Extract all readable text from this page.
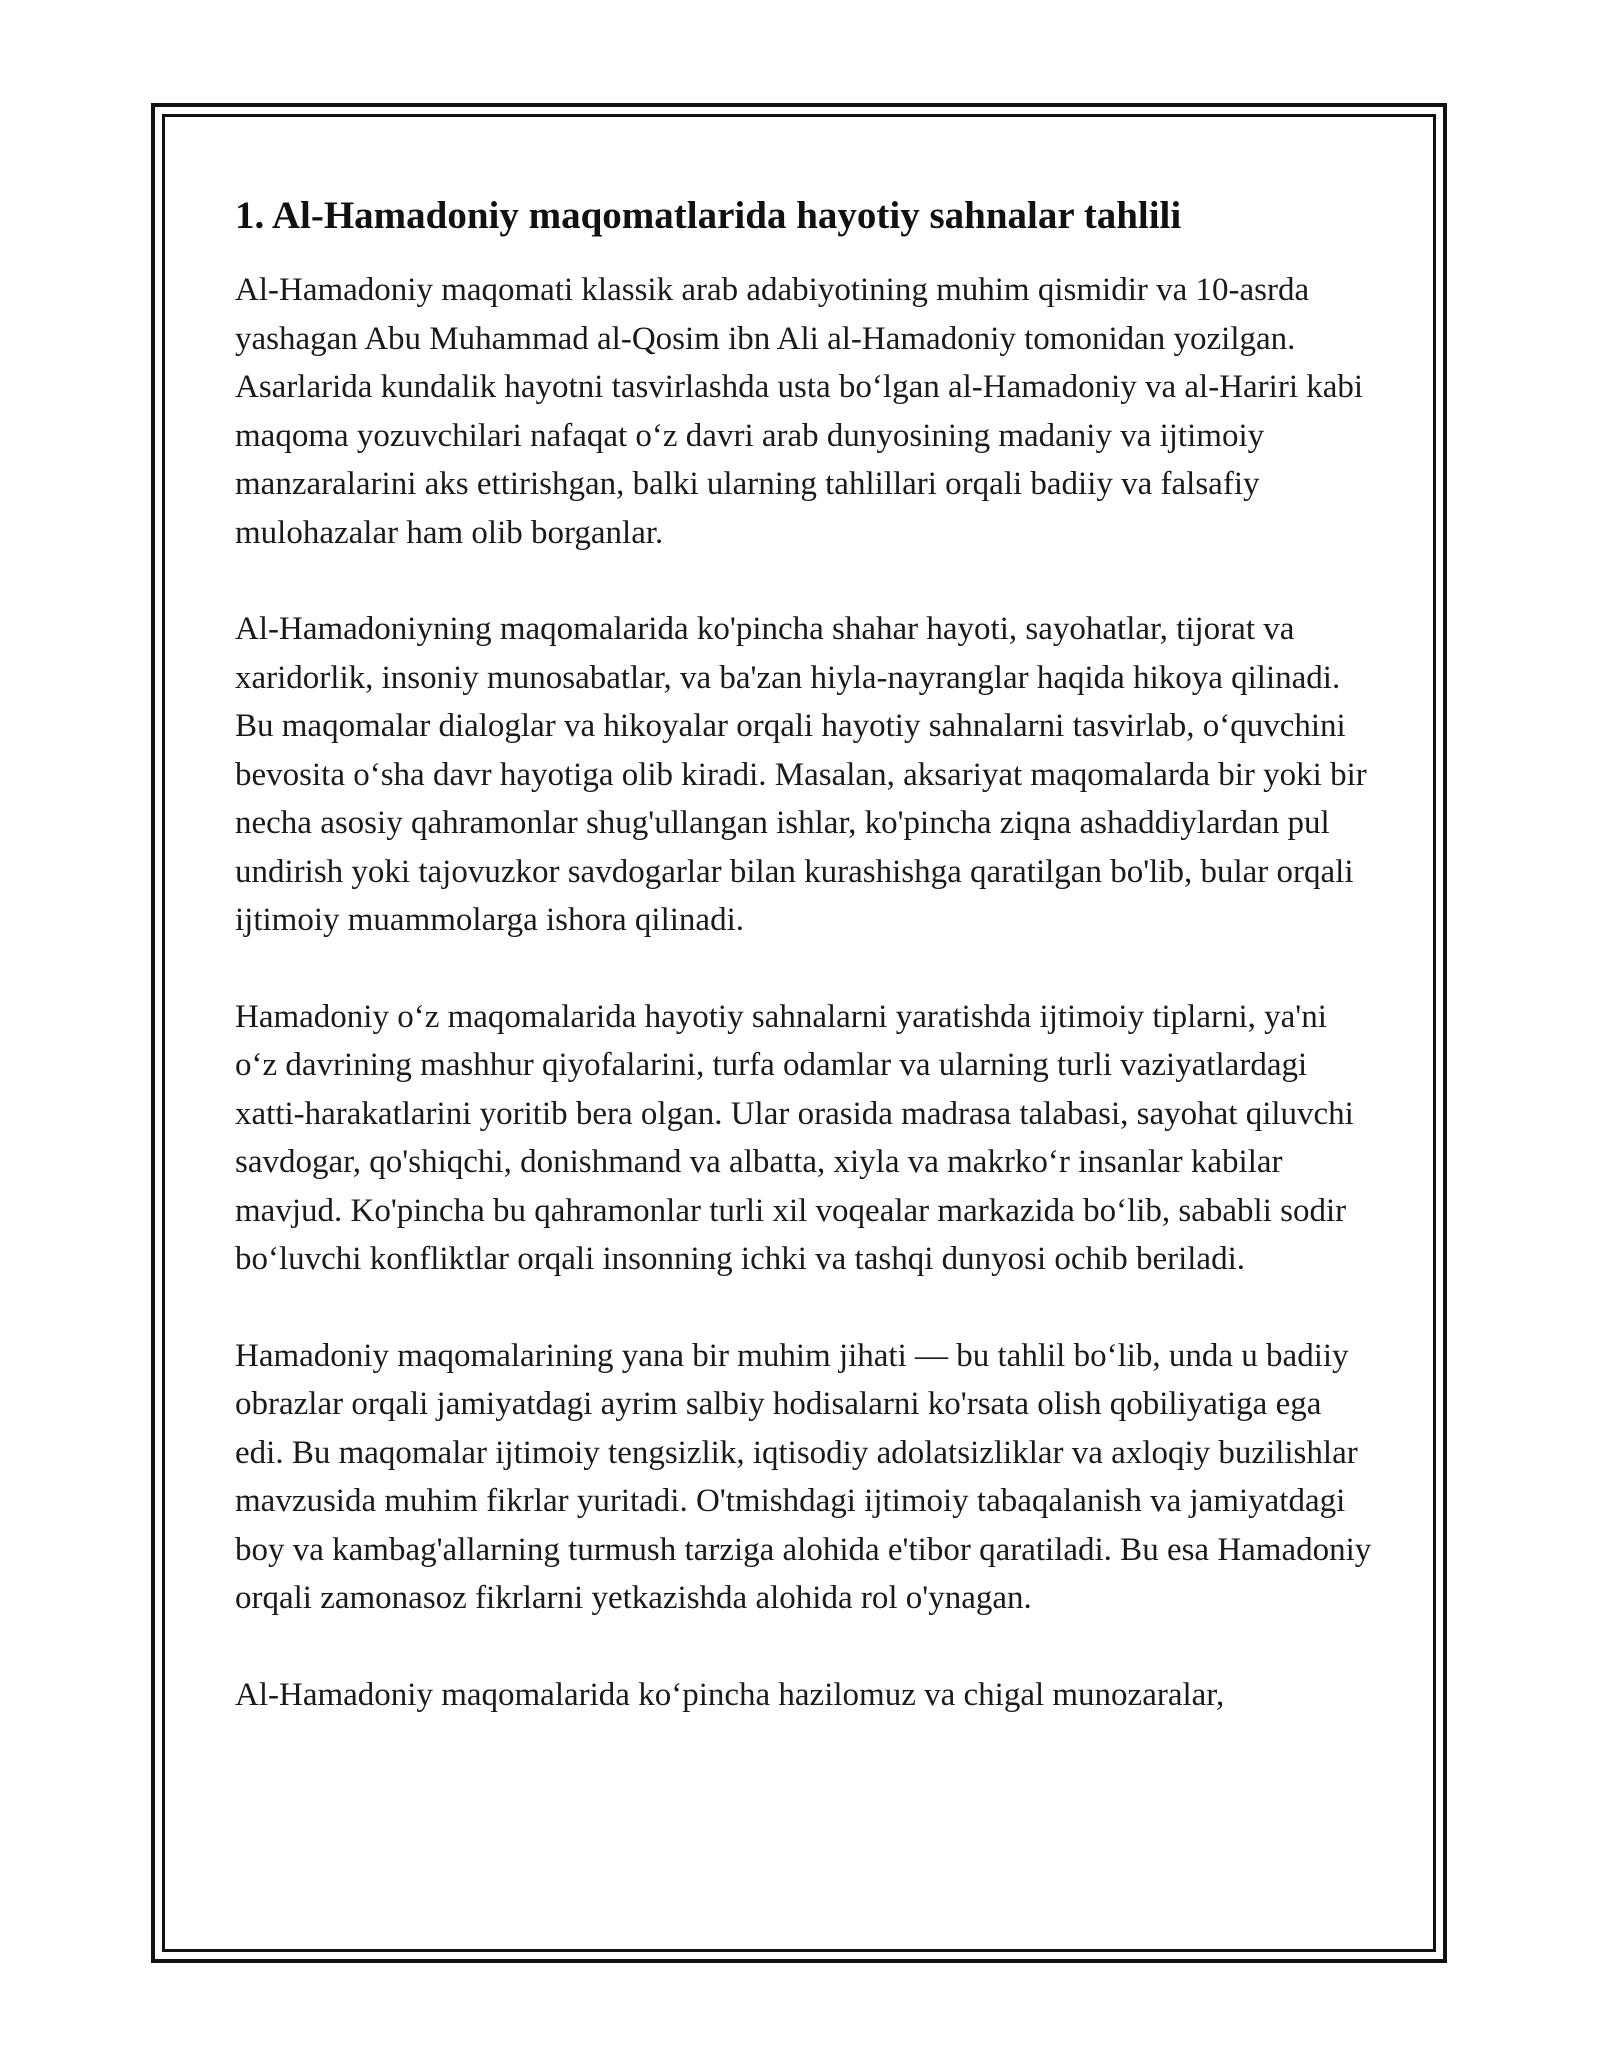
1. Al-Hamadoniy maqomatlarida hayotiy sahnalar tahlili

Al-Hamadoniy maqomati klassik arab adabiyotining muhim qismidir va 10-asrda yashagan Abu Muhammad al-Qosim ibn Ali al-Hamadoniy tomonidan yozilgan. Asarlarida kundalik hayotni tasvirlashda usta bo‘lgan al-Hamadoniy va al-Hariri kabi maqoma yozuvchilari nafaqat o‘z davri arab dunyosining madaniy va ijtimoiy manzaralarini aks ettirishgan, balki ularning tahlillari orqali badiiy va falsafiy mulohazalar ham olib borganlar.

Al-Hamadoniyning maqomalarida ko'pincha shahar hayoti, sayohatlar, tijorat va xaridorlik, insoniy munosabatlar, va ba'zan hiyla-nayranglar haqida hikoya qilinadi. Bu maqomalar dialoglar va hikoyalar orqali hayotiy sahnalarni tasvirlab, o‘quvchini bevosita o‘sha davr hayotiga olib kiradi. Masalan, aksariyat maqomalarda bir yoki bir necha asosiy qahramonlar shug'ullangan ishlar, ko'pincha ziqna ashaddiylardan pul undirish yoki tajovuzkor savdogarlar bilan kurashishga qaratilgan bo'lib, bular orqali ijtimoiy muammolarga ishora qilinadi.

Hamadoniy o‘z maqomalarida hayotiy sahnalarni yaratishda ijtimoiy tiplarni, ya'ni o‘z davrining mashhur qiyofalarini, turfa odamlar va ularning turli vaziyatlardagi xatti-harakatlarini yoritib bera olgan. Ular orasida madrasa talabasi, sayohat qiluvchi savdogar, qo'shiqchi, donishmand va albatta, xiyla va makrko‘r insanlar kabilar mavjud. Ko'pincha bu qahramonlar turli xil voqealar markazida bo‘lib, sababli sodir bo‘luvchi konfliktlar orqali insonning ichki va tashqi dunyosi ochib beriladi.

Hamadoniy maqomalarining yana bir muhim jihati — bu tahlil bo‘lib, unda u badiiy obrazlar orqali jamiyatdagi ayrim salbiy hodisalarni ko'rsata olish qobiliyatiga ega edi. Bu maqomalar ijtimoiy tengsizlik, iqtisodiy adolatsizliklar va axloqiy buzilishlar mavzusida muhim fikrlar yuritadi. O'tmishdagi ijtimoiy tabaqalanish va jamiyatdagi boy va kambag'allarning turmush tarziga alohida e'tibor qaratiladi. Bu esa Hamadoniy orqali zamonasoz fikrlarni yetkazishda alohida rol o'ynagan.

Al-Hamadoniy maqomalarida ko‘pincha hazilomuz va chigal munozaralar,
